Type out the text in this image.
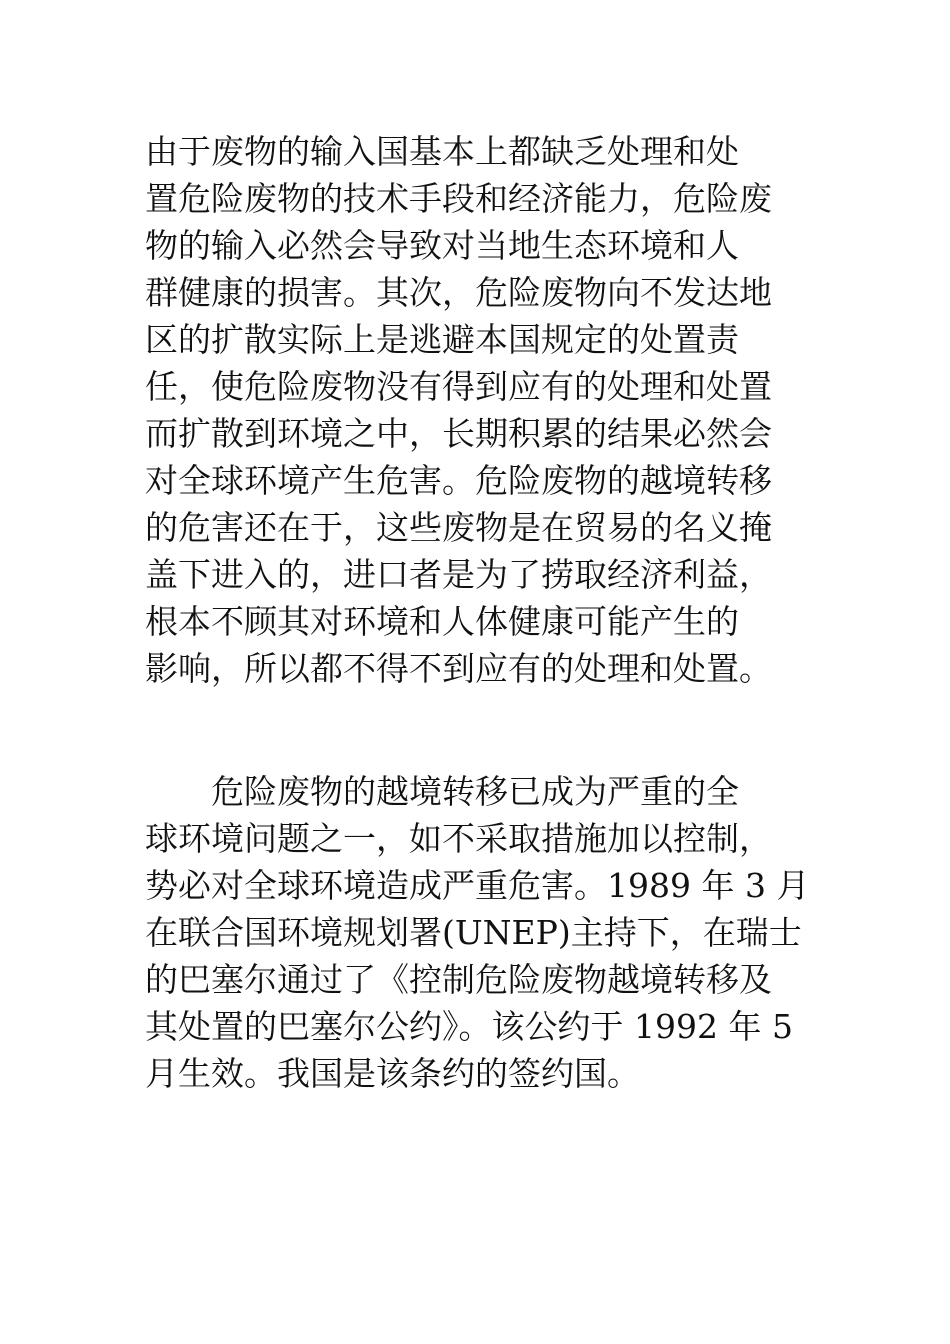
由于废物的输入国基本上都缺乏处理和处
置危险废物的技术手段和经济能力，危险废
物的输入必然会导致对当地生态环境和人
群健康的损害。其次，危险废物向不发达地
区的扩散实际上是逃避本国规定的处置责
任，使危险废物没有得到应有的处理和处置
而扩散到环境之中，长期积累的结果必然会
对全球环境产生危害。危险废物的越境转移
的危害还在于，这些废物是在贸易的名义掩
盖下进入的，进口者是为了捞取经济利益，
根本不顾其对环境和人体健康可能产生的
影响，所以都不得不到应有的处理和处置。
　　危险废物的越境转移已成为严重的全
球环境问题之一，如不采取措施加以控制，
势必对全球环境造成严重危害。1989 年 3 月
在联合国环境规划署(UNEP)主持下，在瑞士
的巴塞尔通过了《控制危险废物越境转移及
其处置的巴塞尔公约》。该公约于 1992 年 5
月生效。我国是该条约的签约国。
